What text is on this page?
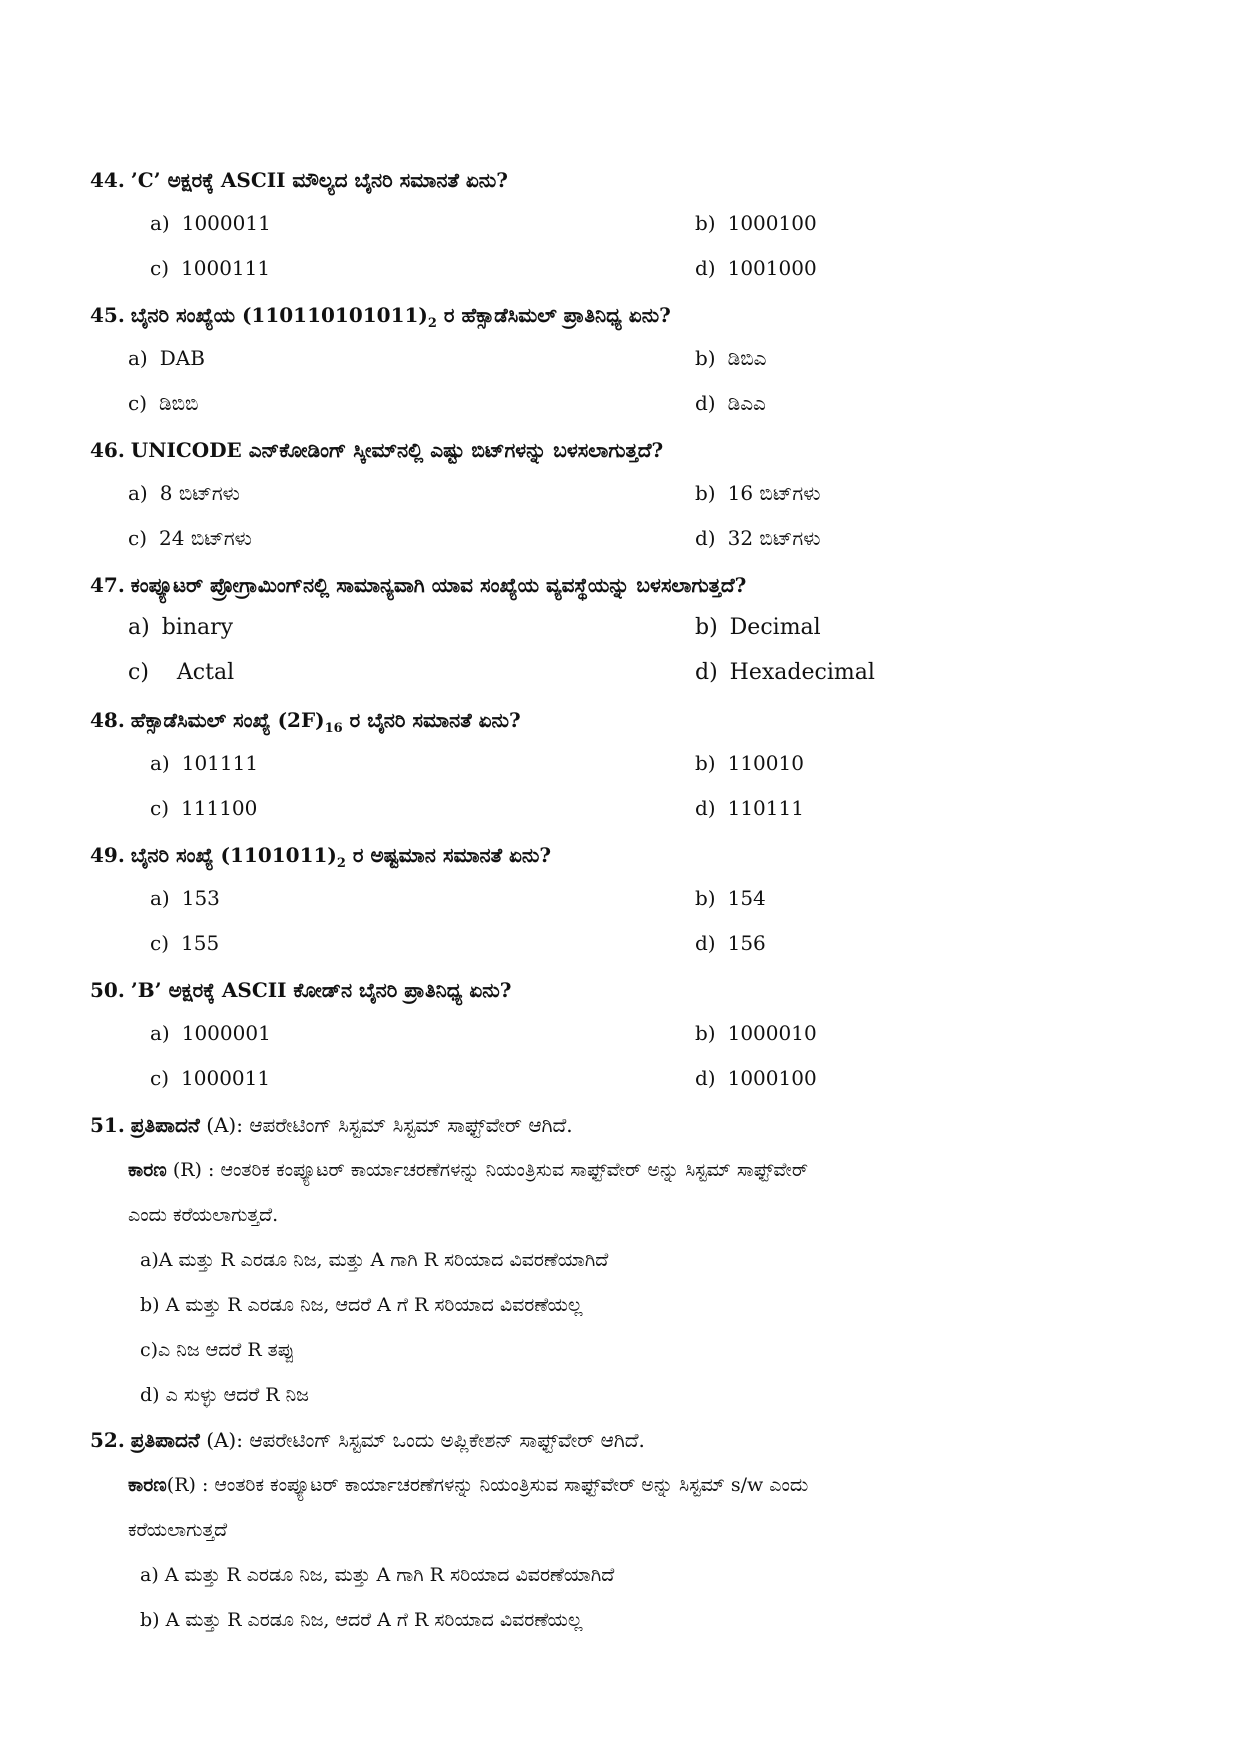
44. ’C’ ಅಕ್ಷರಕ್ಕೆ ASCII ಮೌಲ್ಯದ ಬೈನರಿ ಸಮಾನತೆ ಏನು?
a) 1000011	b) 1000100
c) 1000111	d) 1001000
45. ಬೈನರಿ ಸಂಖ್ಯೆಯ $(110110101011)_2$ ರ ಹೆಕ್ಸಾಡೆಸಿಮಲ್ ಪ್ರಾತಿನಿಧ್ಯ ಏನು?
a) DAB	b) ಡಿಬಿಎ
c) ಡಿಬಿಬಿ	d) ಡಿಎಎ
46. UNICODE ಎನ್‌ಕೋಡಿಂಗ್ ಸ್ಕೀಮ್‌ನಲ್ಲಿ ಎಷ್ಟು ಬಿಟ್‌ಗಳನ್ನು ಬಳಸಲಾಗುತ್ತದೆ?
a) 8 ಬಿಟ್‌ಗಳು	b) 16 ಬಿಟ್‌ಗಳು
c) 24 ಬಿಟ್‌ಗಳು	d) 32 ಬಿಟ್‌ಗಳು
47. ಕಂಪ್ಯೂಟರ್ ಪ್ರೋಗ್ರಾಮಿಂಗ್‌ನಲ್ಲಿ ಸಾಮಾನ್ಯವಾಗಿ ಯಾವ ಸಂಖ್ಯೆಯ ವ್ಯವಸ್ಥೆಯನ್ನು ಬಳಸಲಾಗುತ್ತದೆ?
a) binary	b) Decimal
c) Actal	d) Hexadecimal
48. ಹೆಕ್ಸಾಡೆಸಿಮಲ್ ಸಂಖ್ಯೆ $(2F)_{16}$ ರ ಬೈನರಿ ಸಮಾನತೆ ಏನು?
a) 101111	b) 110010
c) 111100	d) 110111
49. ಬೈನರಿ ಸಂಖ್ಯೆ $(1101011)_2$ ರ ಅಷ್ಟಮಾನ ಸಮಾನತೆ ಏನು?
a) 153	b) 154
c) 155	d) 156
50. ’B’ ಅಕ್ಷರಕ್ಕೆ ASCII ಕೋಡ್‌ನ ಬೈನರಿ ಪ್ರಾತಿನಿಧ್ಯ ಏನು?
a) 1000001	b) 1000010
c) 1000011	d) 1000100
51. ಪ್ರತಿಪಾದನೆ (A): ಆಪರೇಟಿಂಗ್ ಸಿಸ್ಟಮ್ ಸಿಸ್ಟಮ್ ಸಾಫ್ಟ್‌ವೇರ್ ಆಗಿದೆ.
ಕಾರಣ (R) : ಆಂತರಿಕ ಕಂಪ್ಯೂಟರ್ ಕಾರ್ಯಾಚರಣೆಗಳನ್ನು ನಿಯಂತ್ರಿಸುವ ಸಾಫ್ಟ್‌ವೇರ್ ಅನ್ನು ಸಿಸ್ಟಮ್ ಸಾಫ್ಟ್‌ವೇರ್
ಎಂದು ಕರೆಯಲಾಗುತ್ತದೆ.
a)A ಮತ್ತು R ಎರಡೂ ನಿಜ, ಮತ್ತು A ಗಾಗಿ R ಸರಿಯಾದ ವಿವರಣೆಯಾಗಿದೆ
b) A ಮತ್ತು R ಎರಡೂ ನಿಜ, ಆದರೆ A ಗೆ R ಸರಿಯಾದ ವಿವರಣೆಯಲ್ಲ
c)ಎ ನಿಜ ಆದರೆ R ತಪ್ಪು
d) ಎ ಸುಳ್ಳು ಆದರೆ R ನಿಜ
52. ಪ್ರತಿಪಾದನೆ (A): ಆಪರೇಟಿಂಗ್ ಸಿಸ್ಟಮ್ ಒಂದು ಅಪ್ಲಿಕೇಶನ್ ಸಾಫ್ಟ್‌ವೇರ್ ಆಗಿದೆ.
ಕಾರಣ(R) : ಆಂತರಿಕ ಕಂಪ್ಯೂಟರ್ ಕಾರ್ಯಾಚರಣೆಗಳನ್ನು ನಿಯಂತ್ರಿಸುವ ಸಾಫ್ಟ್‌ವೇರ್ ಅನ್ನು ಸಿಸ್ಟಮ್ s/w ಎಂದು
ಕರೆಯಲಾಗುತ್ತದೆ
a) A ಮತ್ತು R ಎರಡೂ ನಿಜ, ಮತ್ತು A ಗಾಗಿ R ಸರಿಯಾದ ವಿವರಣೆಯಾಗಿದೆ
b) A ಮತ್ತು R ಎರಡೂ ನಿಜ, ಆದರೆ A ಗೆ R ಸರಿಯಾದ ವಿವರಣೆಯಲ್ಲ
